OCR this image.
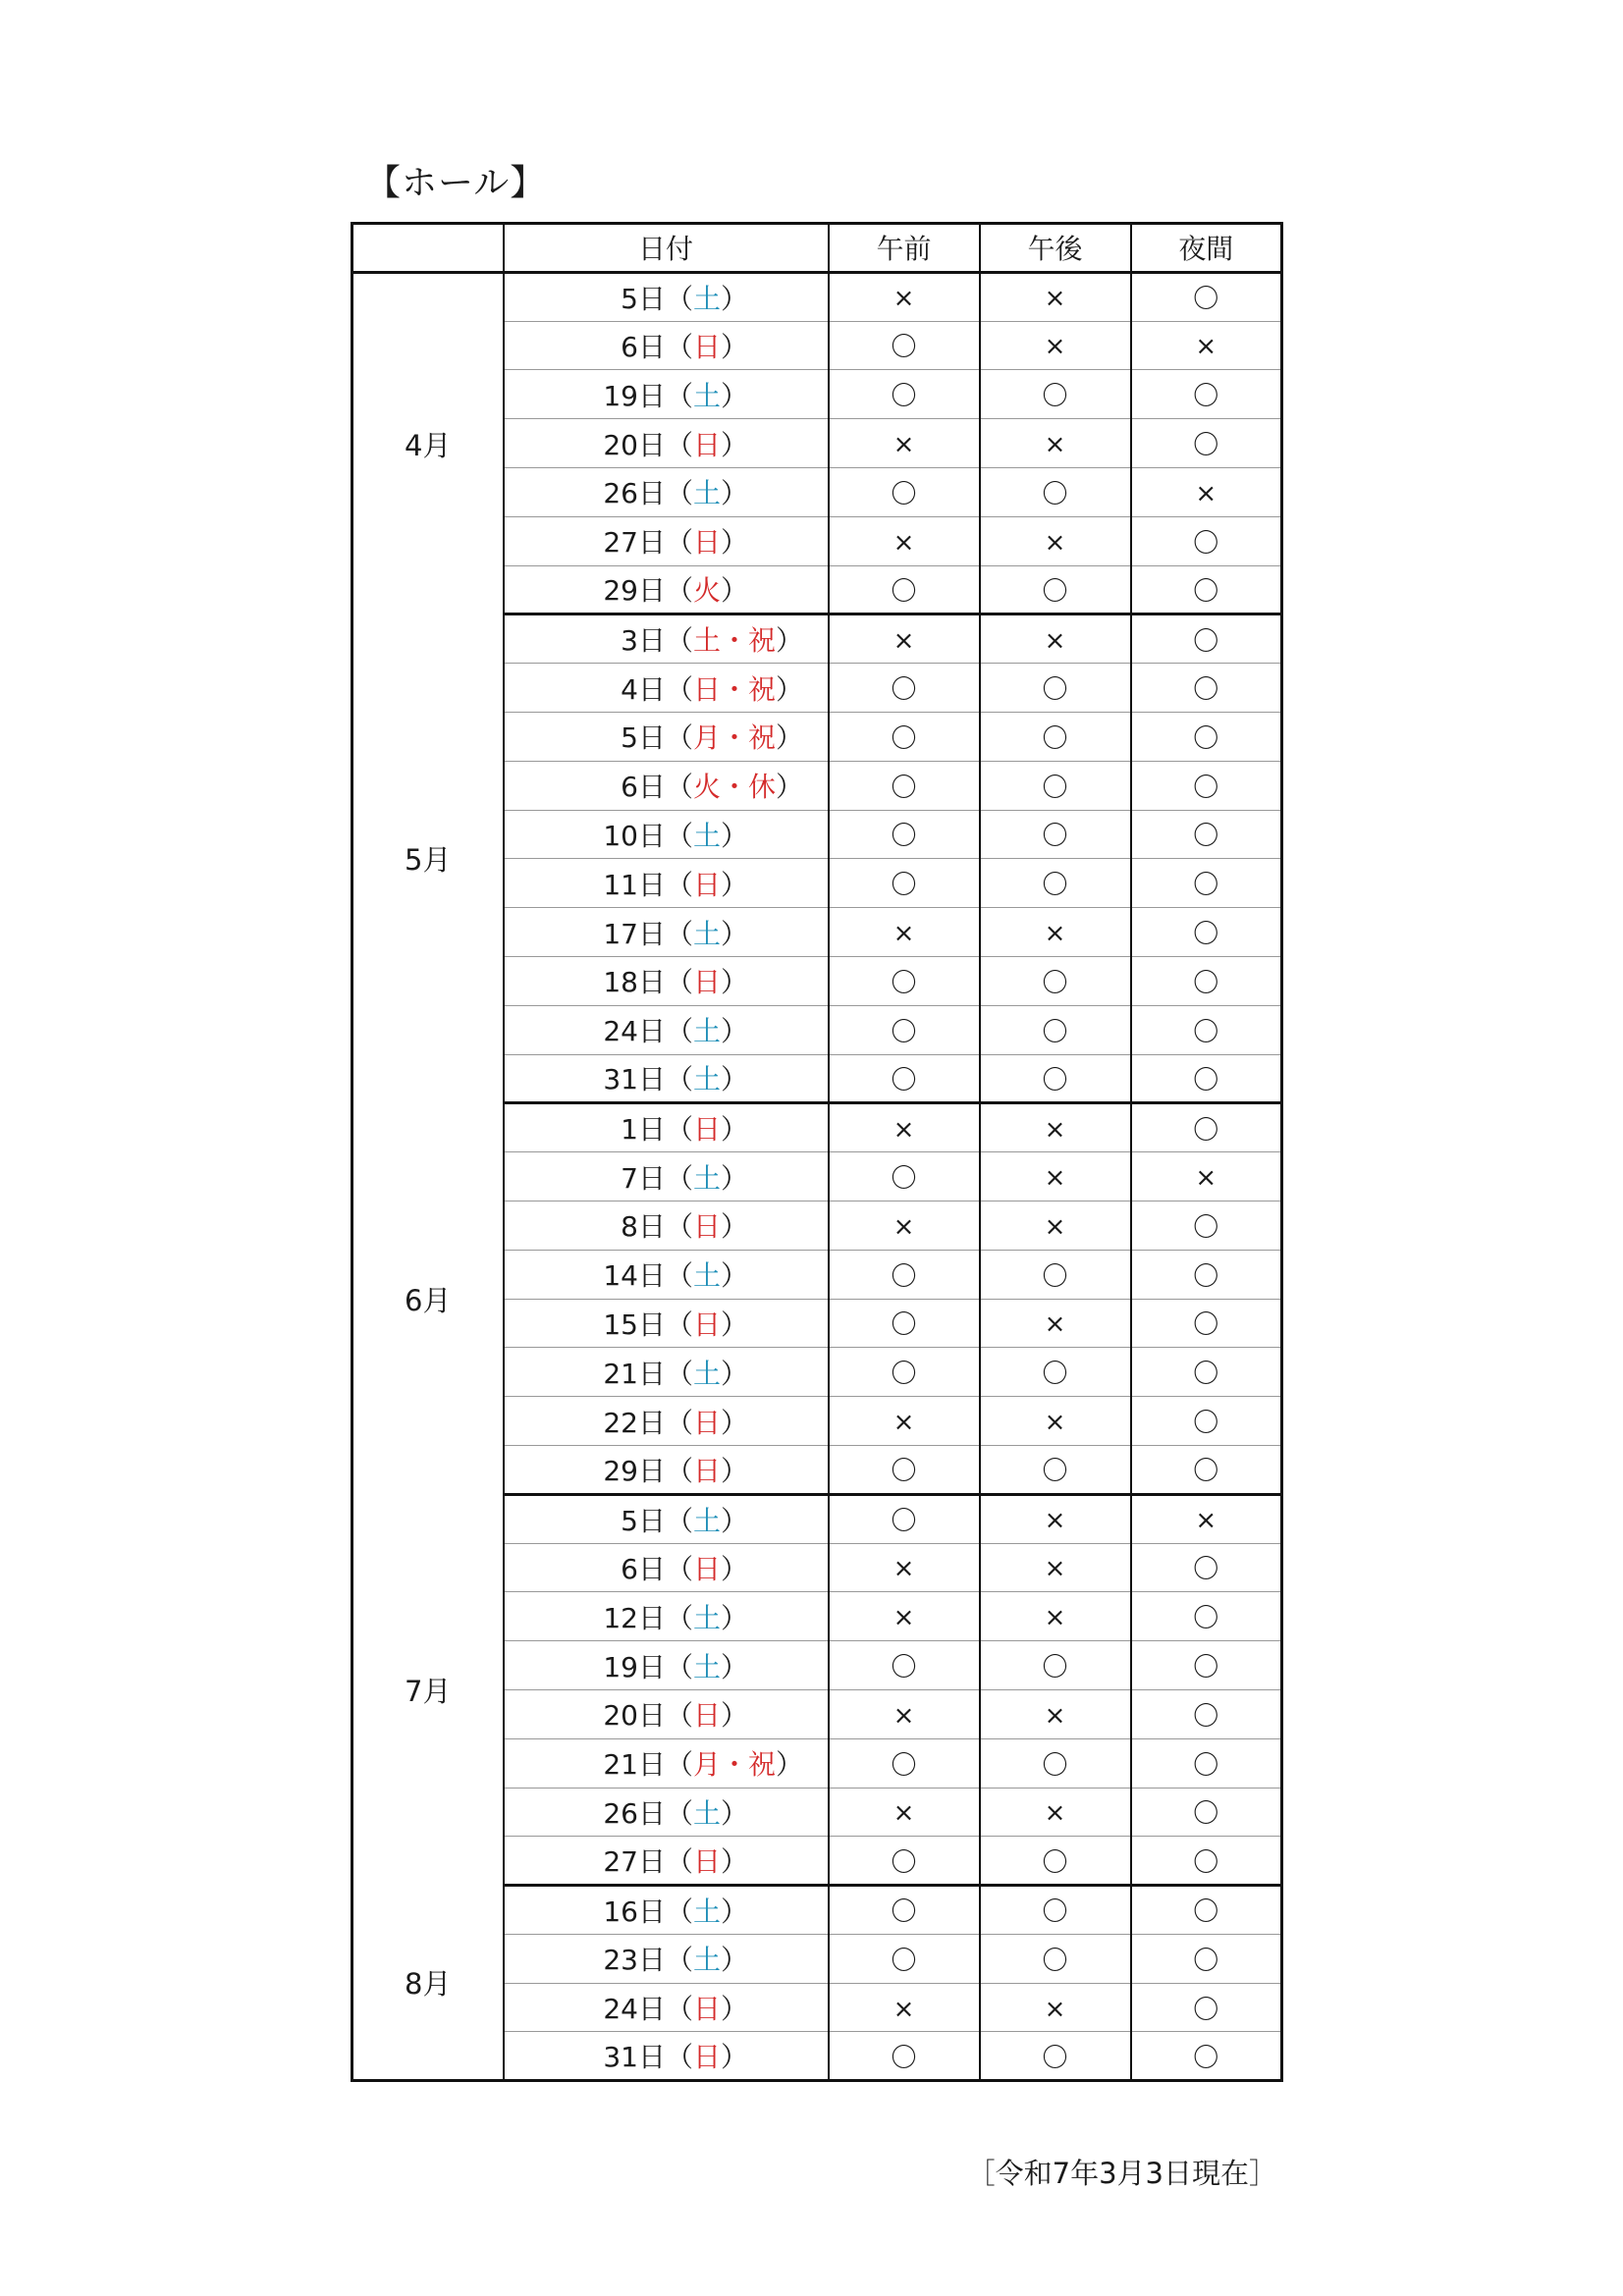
【ホール】
	日付	午前	午後	夜間
4月	5日（土）	×	×	〇
	6日（日）	〇	×	×
	19日（土）	〇	〇	〇
	20日（日）	×	×	〇
	26日（土）	〇	〇	×
	27日（日）	×	×	〇
	29日（火）	〇	〇	〇
5月	3日（土・祝）	×	×	〇
	4日（日・祝）	〇	〇	〇
	5日（月・祝）	〇	〇	〇
	6日（火・休）	〇	〇	〇
	10日（土）	〇	〇	〇
	11日（日）	〇	〇	〇
	17日（土）	×	×	〇
	18日（日）	〇	〇	〇
	24日（土）	〇	〇	〇
	31日（土）	〇	〇	〇
6月	1日（日）	×	×	〇
	7日（土）	〇	×	×
	8日（日）	×	×	〇
	14日（土）	〇	〇	〇
	15日（日）	〇	×	〇
	21日（土）	〇	〇	〇
	22日（日）	×	×	〇
	29日（日）	〇	〇	〇
7月	5日（土）	〇	×	×
	6日（日）	×	×	〇
	12日（土）	×	×	〇
	19日（土）	〇	〇	〇
	20日（日）	×	×	〇
	21日（月・祝）	〇	〇	〇
	26日（土）	×	×	〇
	27日（日）	〇	〇	〇
8月	16日（土）	〇	〇	〇
	23日（土）	〇	〇	〇
	24日（日）	×	×	〇
	31日（日）	〇	〇	〇
［令和7年3月3日現在］
